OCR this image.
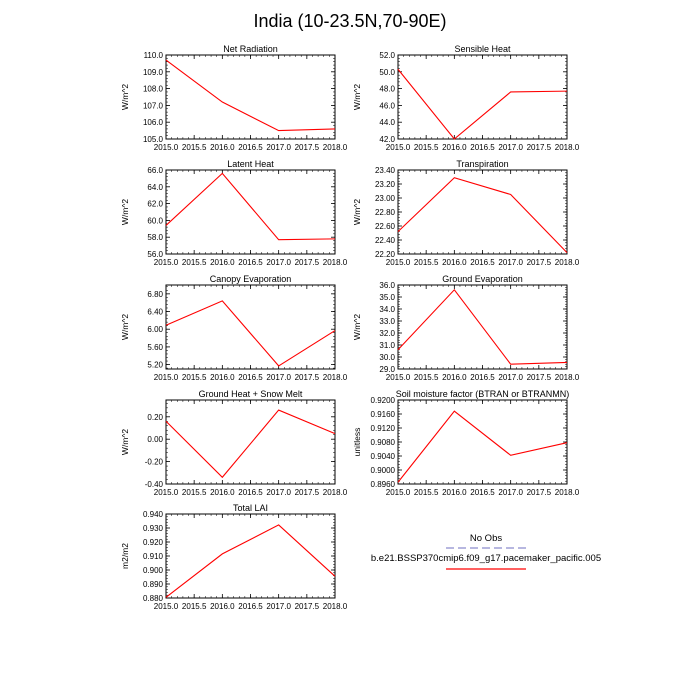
India (10-23.5N,70-90E)
No Obs
b.e21.BSSP370cmip6.f09_g17.pacemaker_pacific.005
Net Radiation
W/m^2
2015.0 2015.5 2016.0 2016.5 2017.0 2017.5 2018.0
105.0
106.0
107.0
108.0
109.0
110.0
Sensible Heat
W/m^2
2015.0 2015.5 2016.0 2016.5 2017.0 2017.5 2018.0
42.0
44.0
46.0
48.0
50.0
52.0
Latent Heat
W/m^2
2015.0 2015.5 2016.0 2016.5 2017.0 2017.5 2018.0
56.0
58.0
60.0
62.0
64.0
66.0
Transpiration
W/m^2
2015.0 2015.5 2016.0 2016.5 2017.0 2017.5 2018.0
22.20
22.40
22.60
22.80
23.00
23.20
23.40
Canopy Evaporation
W/m^2
2015.0 2015.5 2016.0 2016.5 2017.0 2017.5 2018.0
5.20
5.60
6.00
6.40
6.80
Ground Evaporation
W/m^2
2015.0 2015.5 2016.0 2016.5 2017.0 2017.5 2018.0
29.0
30.0
31.0
32.0
33.0
34.0
35.0
36.0
Ground Heat + Snow Melt
W/m^2
2015.0 2015.5 2016.0 2016.5 2017.0 2017.5 2018.0
-0.40
-0.20
0.00
0.20
Soil moisture factor (BTRAN or BTRANMN)
unitless
2015.0 2015.5 2016.0 2016.5 2017.0 2017.5 2018.0
0.8960
0.9000
0.9040
0.9080
0.9120
0.9160
0.9200
Total LAI
m2/m2
2015.0 2015.5 2016.0 2016.5 2017.0 2017.5 2018.0
0.880
0.890
0.900
0.910
0.920
0.930
0.940
